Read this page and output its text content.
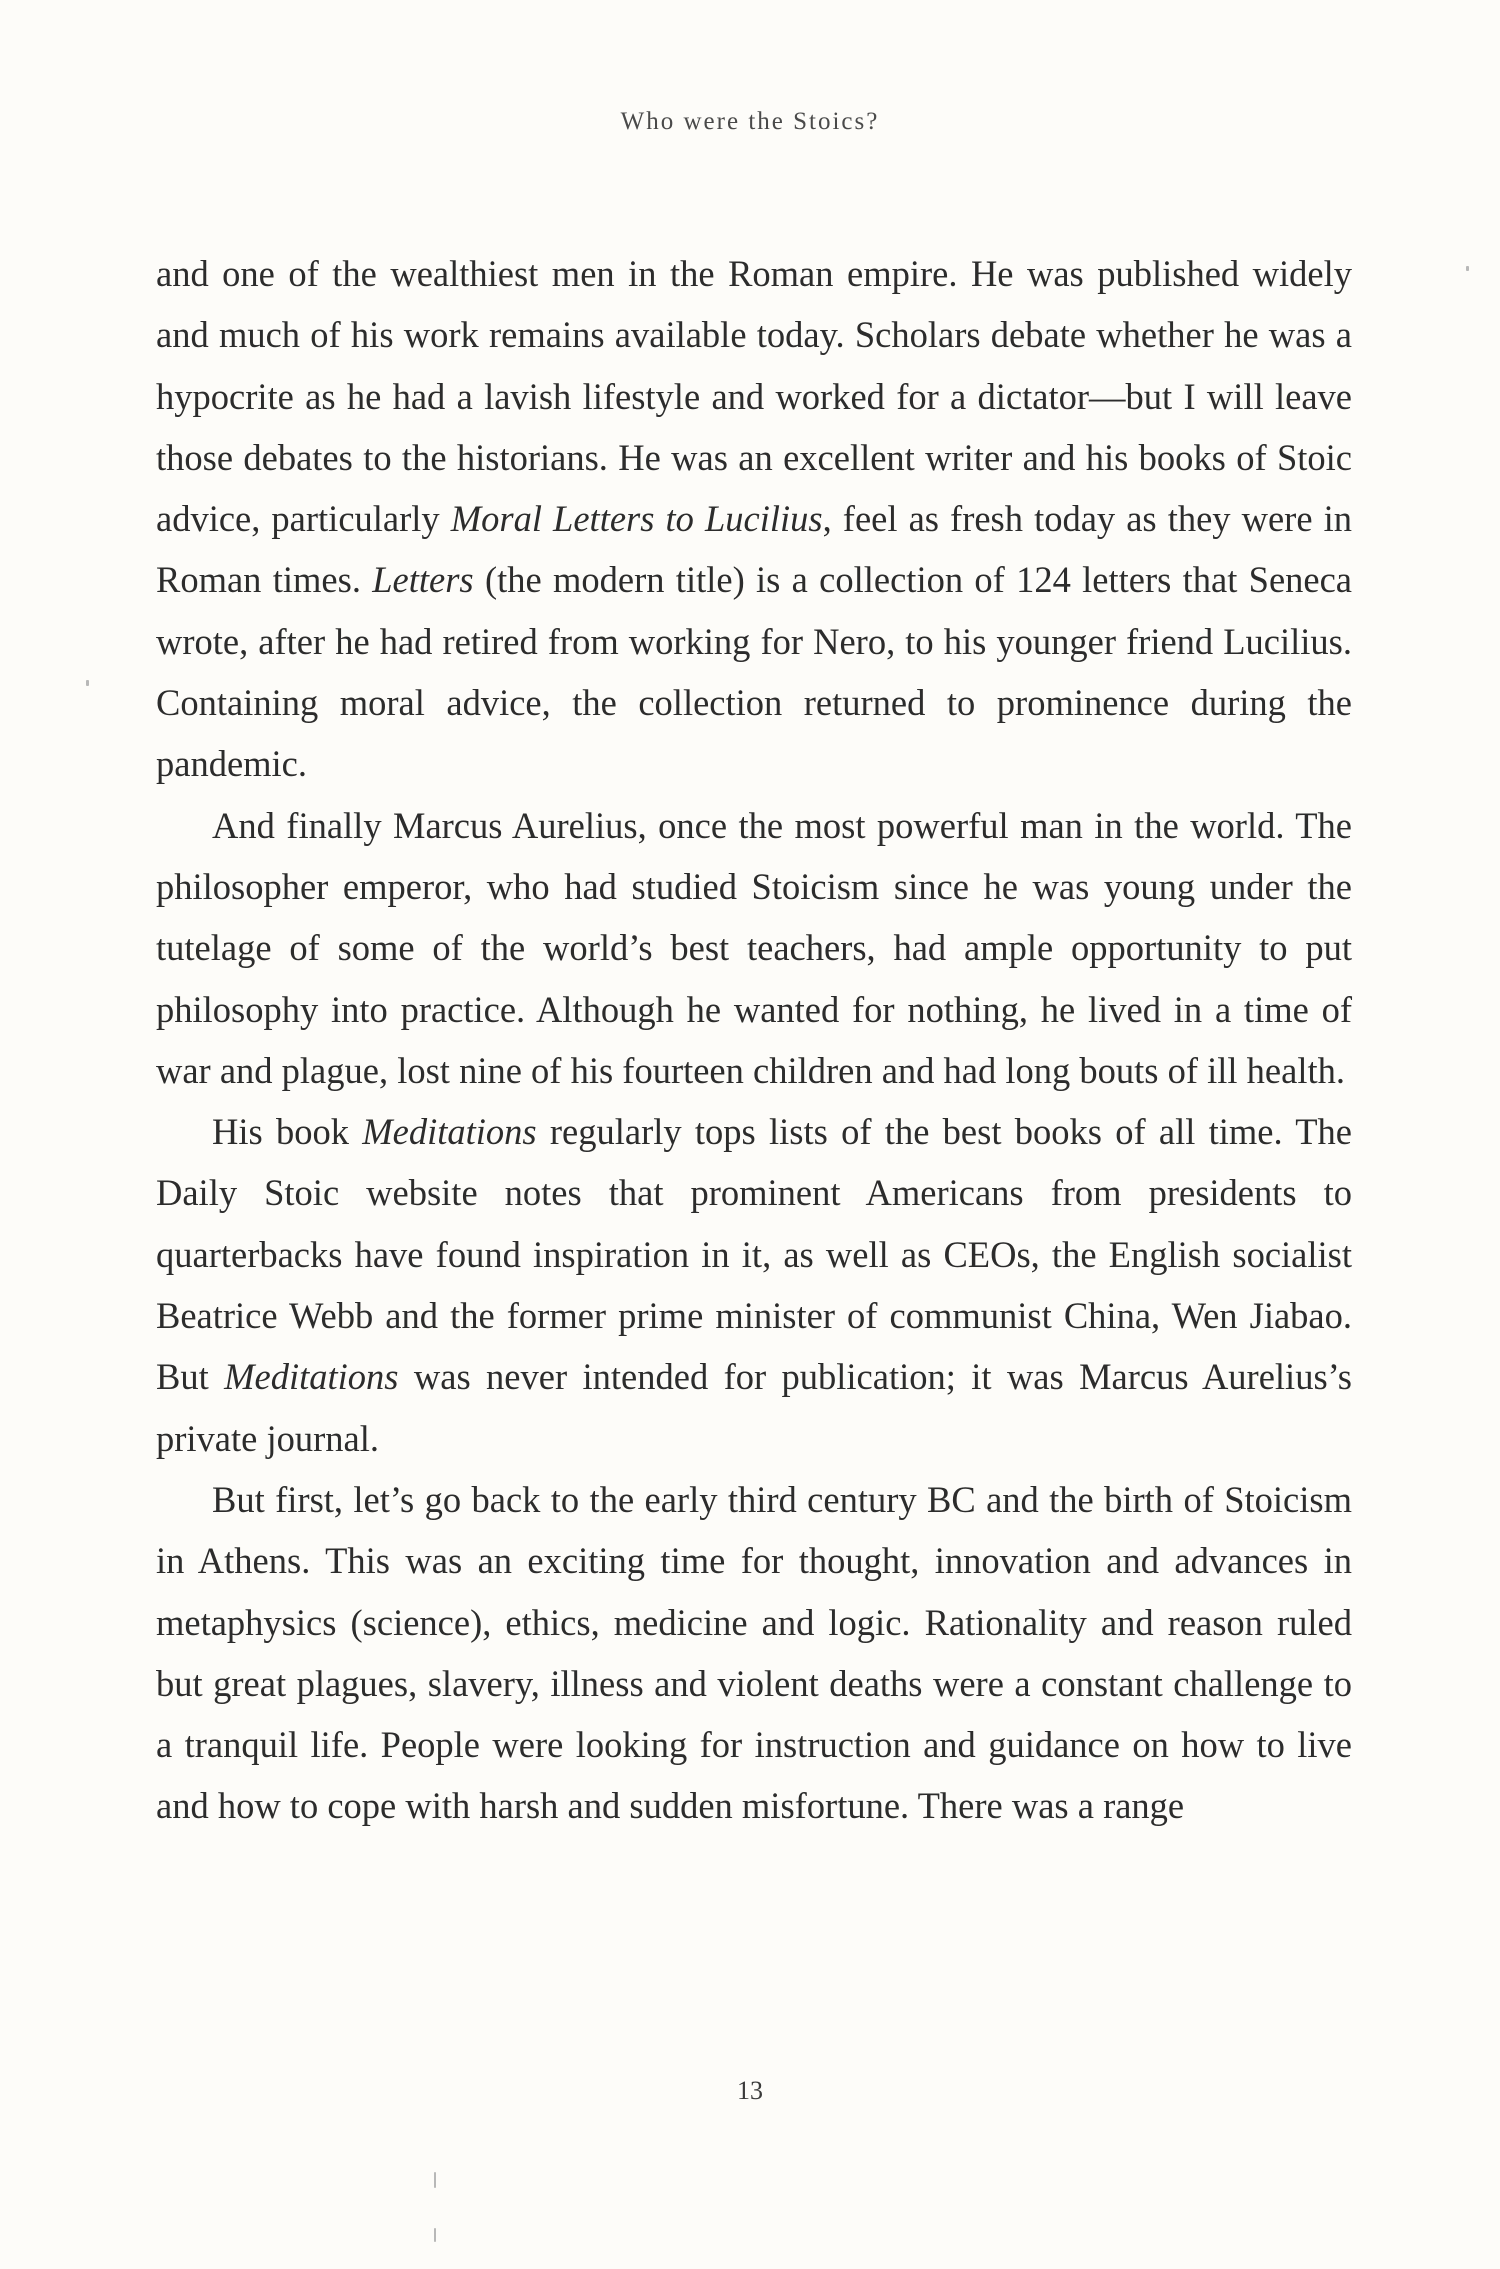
Who were the Stoics?

and one of the wealthiest men in the Roman empire. He was published widely and much of his work remains available today. Scholars debate whether he was a hypocrite as he had a lavish lifestyle and worked for a dictator—but I will leave those debates to the historians. He was an excellent writer and his books of Stoic advice, particularly Moral Letters to Lucilius, feel as fresh today as they were in Roman times. Letters (the modern title) is a collection of 124 letters that Seneca wrote, after he had retired from working for Nero, to his younger friend Lucilius. Containing moral advice, the collection returned to prominence during the pandemic.

And finally Marcus Aurelius, once the most powerful man in the world. The philosopher emperor, who had studied Stoicism since he was young under the tutelage of some of the world’s best teachers, had ample opportunity to put philosophy into practice. Although he wanted for nothing, he lived in a time of war and plague, lost nine of his fourteen children and had long bouts of ill health.

His book Meditations regularly tops lists of the best books of all time. The Daily Stoic website notes that prominent Americans from presidents to quarterbacks have found inspiration in it, as well as CEOs, the English socialist Beatrice Webb and the former prime minister of communist China, Wen Jiabao. But Meditations was never intended for publication; it was Marcus Aurelius’s private journal.

But first, let’s go back to the early third century BC and the birth of Stoicism in Athens. This was an exciting time for thought, innovation and advances in metaphysics (science), ethics, medicine and logic. Rationality and reason ruled but great plagues, slavery, illness and violent deaths were a constant challenge to a tranquil life. People were looking for instruction and guidance on how to live and how to cope with harsh and sudden misfortune. There was a range

13
